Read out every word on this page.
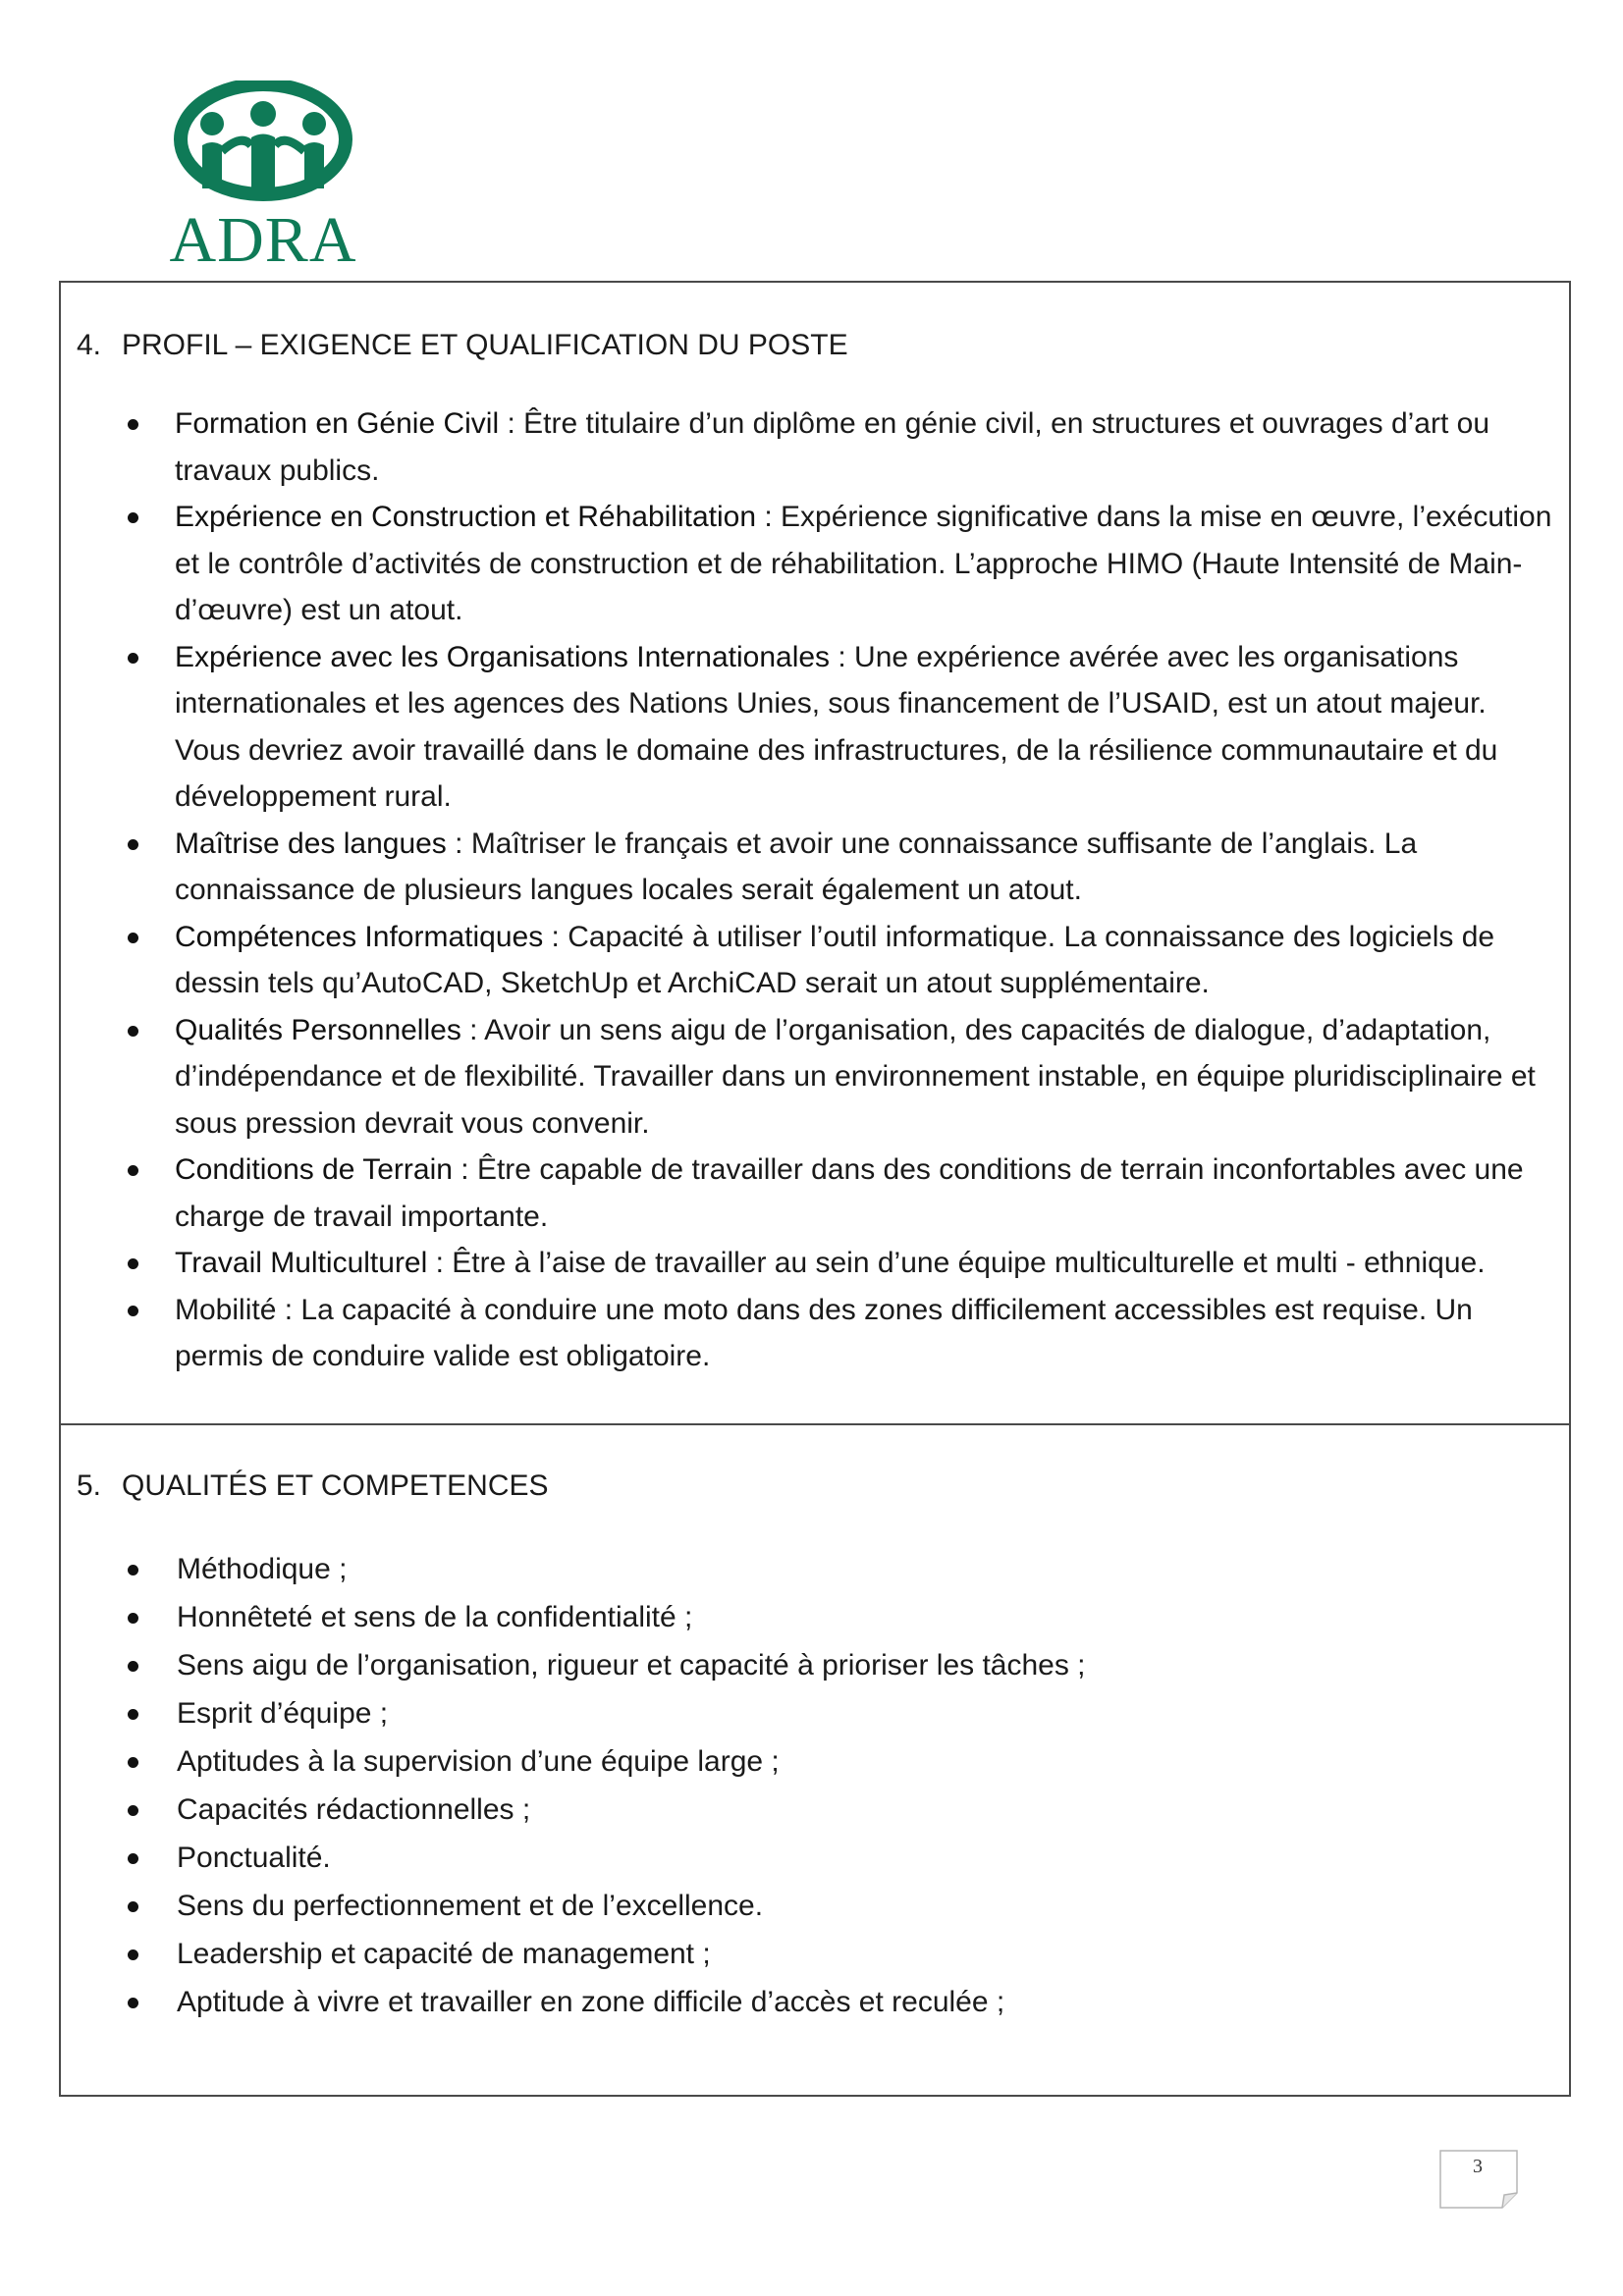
ADRA
4. PROFIL – EXIGENCE ET QUALIFICATION DU POSTE
Formation en Génie Civil : Être titulaire d’un diplôme en génie civil, en structures et ouvrages d’art ou travaux publics.
Expérience en Construction et Réhabilitation : Expérience significative dans la mise en œuvre, l’exécution et le contrôle d’activités de construction et de réhabilitation. L’approche HIMO (Haute Intensité de Main-d’œuvre) est un atout.
Expérience avec les Organisations Internationales : Une expérience avérée avec les organisations internationales et les agences des Nations Unies, sous financement de l’USAID, est un atout majeur. Vous devriez avoir travaillé dans le domaine des infrastructures, de la résilience communautaire et du développement rural.
Maîtrise des langues : Maîtriser le français et avoir une connaissance suffisante de l’anglais. La connaissance de plusieurs langues locales serait également un atout.
Compétences Informatiques : Capacité à utiliser l’outil informatique. La connaissance des logiciels de dessin tels qu’AutoCAD, SketchUp et ArchiCAD serait un atout supplémentaire.
Qualités Personnelles : Avoir un sens aigu de l’organisation, des capacités de dialogue, d’adaptation, d’indépendance et de flexibilité. Travailler dans un environnement instable, en équipe pluridisciplinaire et sous pression devrait vous convenir.
Conditions de Terrain : Être capable de travailler dans des conditions de terrain inconfortables avec une charge de travail importante.
Travail Multiculturel : Être à l’aise de travailler au sein d’une équipe multiculturelle et multi - ethnique.
Mobilité : La capacité à conduire une moto dans des zones difficilement accessibles est requise. Un permis de conduire valide est obligatoire.
5. QUALITÉS ET COMPETENCES
Méthodique ;
Honnêteté et sens de la confidentialité ;
Sens aigu de l’organisation, rigueur et capacité à prioriser les tâches ;
Esprit d’équipe ;
Aptitudes à la supervision d’une équipe large ;
Capacités rédactionnelles ;
Ponctualité.
Sens du perfectionnement et de l’excellence.
Leadership et capacité de management ;
Aptitude à vivre et travailler en zone difficile d’accès et reculée ;
3
